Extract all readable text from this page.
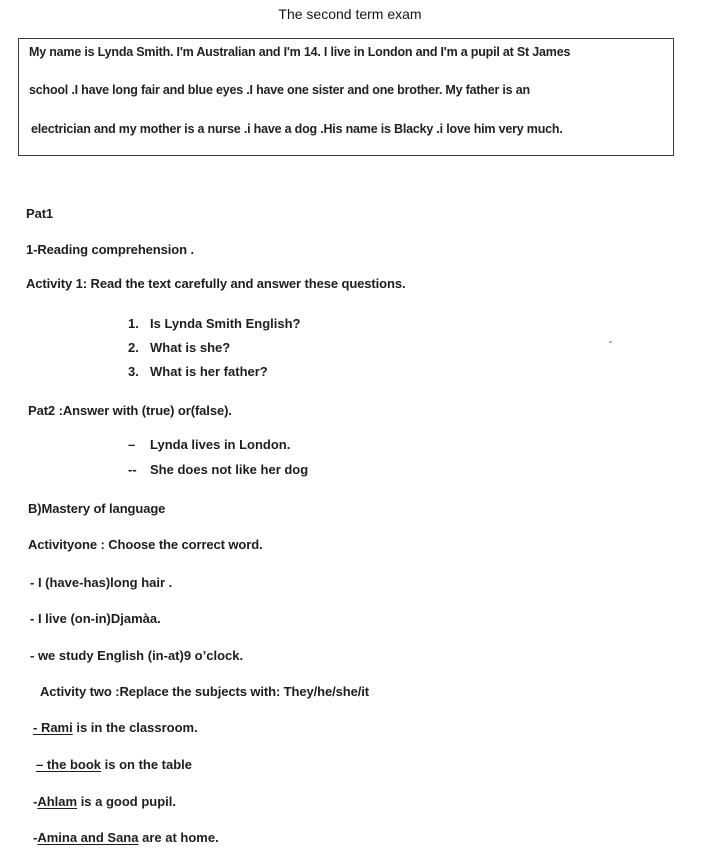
The second term exam
My name is Lynda Smith. I'm Australian and I'm 14. I live in London and I'm a pupil at St James
school .I have long fair and blue eyes .I have one sister and one brother. My father is an
electrician and my mother is a nurse .i have a dog .His name is Blacky .i love him very much.
Pat1
1-Reading comprehension .
Activity 1: Read the text carefully and answer these questions.
1. Is Lynda Smith English?
2. What is she?
3. What is her father?
Pat2 :Answer with (true) or(false).
– Lynda lives in London.
-- She does not like her dog
B)Mastery of language
Activityone : Choose the correct word.
- I (have-has)long hair .
- I live (on-in)Djamàa.
- we study English (in-at)9 o’clock.
Activity two :Replace the subjects with: They/he/she/it
- Rami is in the classroom.
– the book is on the table
-Ahlam is a good pupil.
-Amina and Sana are at home.
